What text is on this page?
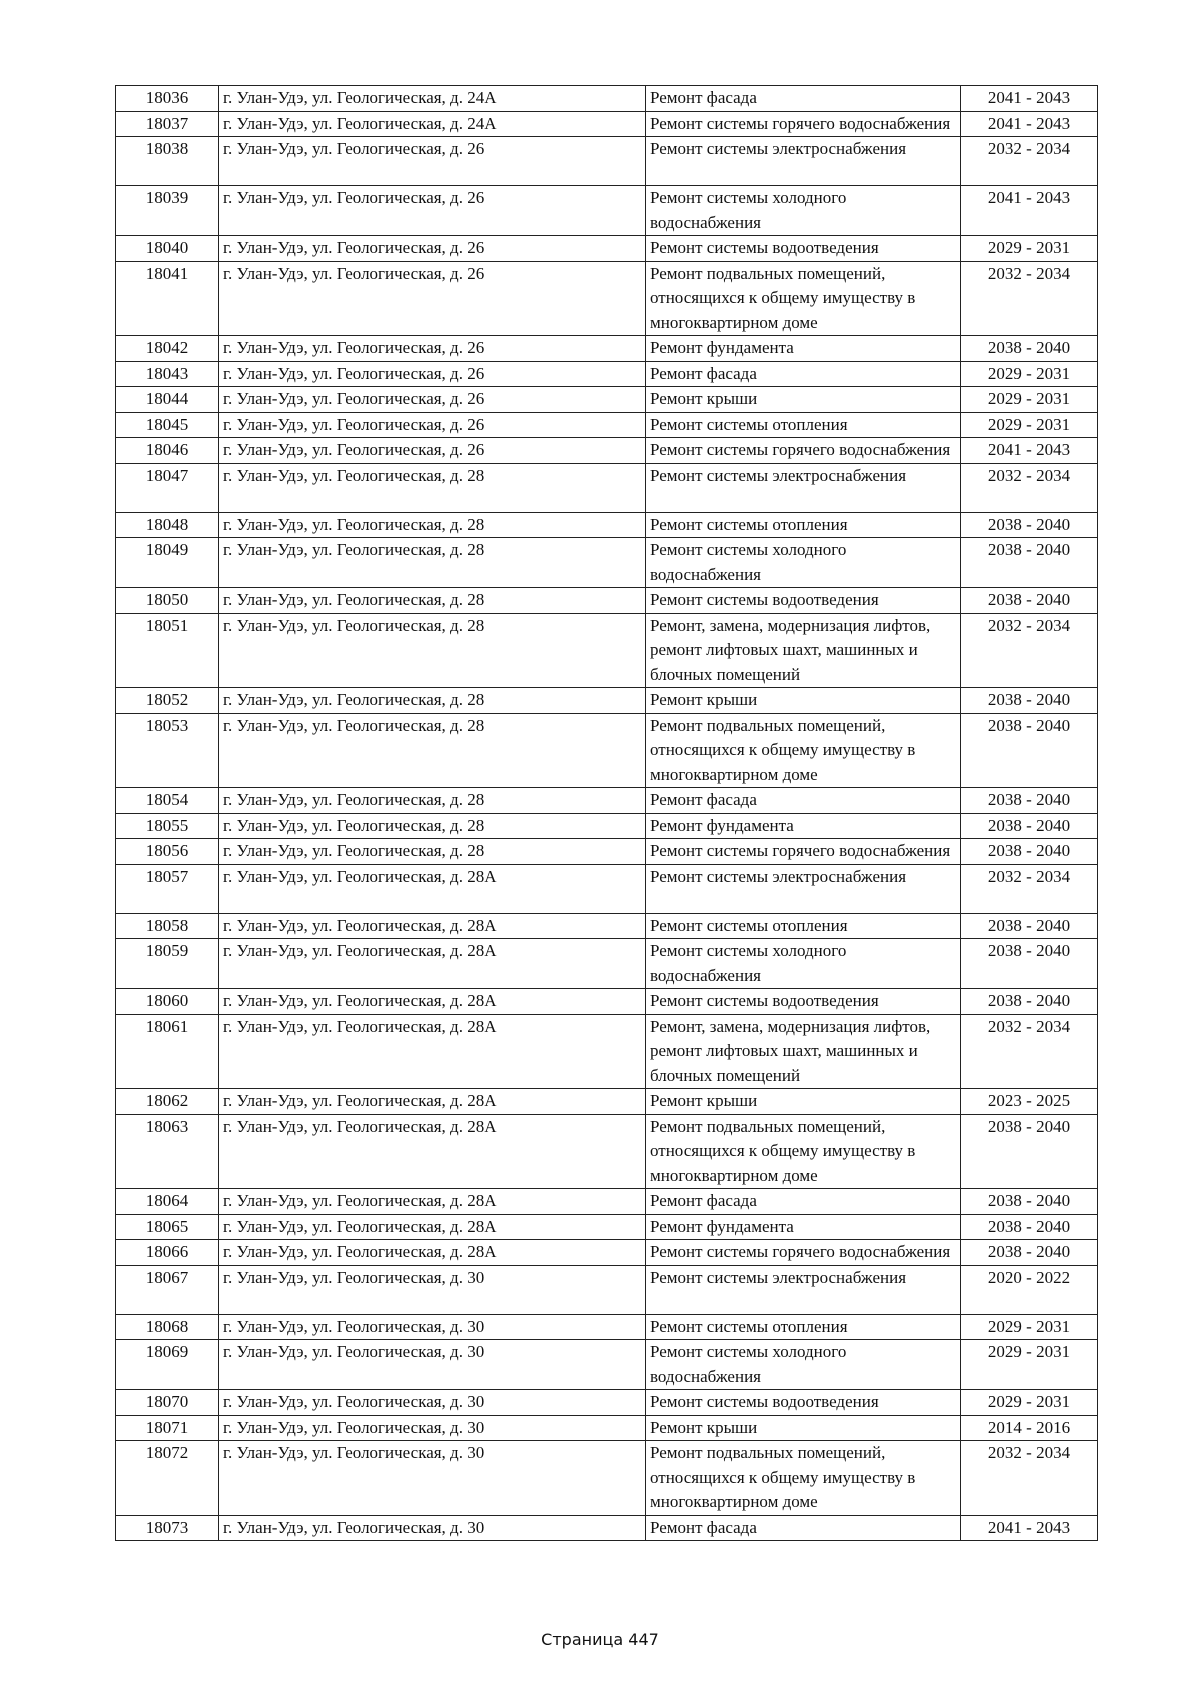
18036	г. Улан-Удэ, ул. Геологическая, д. 24А	Ремонт фасада	2041 - 2043
18037	г. Улан-Удэ, ул. Геологическая, д. 24А	Ремонт системы горячего водоснабжения	2041 - 2043
18038	г. Улан-Удэ, ул. Геологическая, д. 26	Ремонт системы электроснабжения	2032 - 2034
18039	г. Улан-Удэ, ул. Геологическая, д. 26	Ремонт системы холодного водоснабжения	2041 - 2043
18040	г. Улан-Удэ, ул. Геологическая, д. 26	Ремонт системы водоотведения	2029 - 2031
18041	г. Улан-Удэ, ул. Геологическая, д. 26	Ремонт подвальных помещений, относящихся к общему имуществу в многоквартирном доме	2032 - 2034
18042	г. Улан-Удэ, ул. Геологическая, д. 26	Ремонт фундамента	2038 - 2040
18043	г. Улан-Удэ, ул. Геологическая, д. 26	Ремонт фасада	2029 - 2031
18044	г. Улан-Удэ, ул. Геологическая, д. 26	Ремонт крыши	2029 - 2031
18045	г. Улан-Удэ, ул. Геологическая, д. 26	Ремонт системы отопления	2029 - 2031
18046	г. Улан-Удэ, ул. Геологическая, д. 26	Ремонт системы горячего водоснабжения	2041 - 2043
18047	г. Улан-Удэ, ул. Геологическая, д. 28	Ремонт системы электроснабжения	2032 - 2034
18048	г. Улан-Удэ, ул. Геологическая, д. 28	Ремонт системы отопления	2038 - 2040
18049	г. Улан-Удэ, ул. Геологическая, д. 28	Ремонт системы холодного водоснабжения	2038 - 2040
18050	г. Улан-Удэ, ул. Геологическая, д. 28	Ремонт системы водоотведения	2038 - 2040
18051	г. Улан-Удэ, ул. Геологическая, д. 28	Ремонт, замена, модернизация лифтов, ремонт лифтовых шахт, машинных и блочных помещений	2032 - 2034
18052	г. Улан-Удэ, ул. Геологическая, д. 28	Ремонт крыши	2038 - 2040
18053	г. Улан-Удэ, ул. Геологическая, д. 28	Ремонт подвальных помещений, относящихся к общему имуществу в многоквартирном доме	2038 - 2040
18054	г. Улан-Удэ, ул. Геологическая, д. 28	Ремонт фасада	2038 - 2040
18055	г. Улан-Удэ, ул. Геологическая, д. 28	Ремонт фундамента	2038 - 2040
18056	г. Улан-Удэ, ул. Геологическая, д. 28	Ремонт системы горячего водоснабжения	2038 - 2040
18057	г. Улан-Удэ, ул. Геологическая, д. 28А	Ремонт системы электроснабжения	2032 - 2034
18058	г. Улан-Удэ, ул. Геологическая, д. 28А	Ремонт системы отопления	2038 - 2040
18059	г. Улан-Удэ, ул. Геологическая, д. 28А	Ремонт системы холодного водоснабжения	2038 - 2040
18060	г. Улан-Удэ, ул. Геологическая, д. 28А	Ремонт системы водоотведения	2038 - 2040
18061	г. Улан-Удэ, ул. Геологическая, д. 28А	Ремонт, замена, модернизация лифтов, ремонт лифтовых шахт, машинных и блочных помещений	2032 - 2034
18062	г. Улан-Удэ, ул. Геологическая, д. 28А	Ремонт крыши	2023 - 2025
18063	г. Улан-Удэ, ул. Геологическая, д. 28А	Ремонт подвальных помещений, относящихся к общему имуществу в многоквартирном доме	2038 - 2040
18064	г. Улан-Удэ, ул. Геологическая, д. 28А	Ремонт фасада	2038 - 2040
18065	г. Улан-Удэ, ул. Геологическая, д. 28А	Ремонт фундамента	2038 - 2040
18066	г. Улан-Удэ, ул. Геологическая, д. 28А	Ремонт системы горячего водоснабжения	2038 - 2040
18067	г. Улан-Удэ, ул. Геологическая, д. 30	Ремонт системы электроснабжения	2020 - 2022
18068	г. Улан-Удэ, ул. Геологическая, д. 30	Ремонт системы отопления	2029 - 2031
18069	г. Улан-Удэ, ул. Геологическая, д. 30	Ремонт системы холодного водоснабжения	2029 - 2031
18070	г. Улан-Удэ, ул. Геологическая, д. 30	Ремонт системы водоотведения	2029 - 2031
18071	г. Улан-Удэ, ул. Геологическая, д. 30	Ремонт крыши	2014 - 2016
18072	г. Улан-Удэ, ул. Геологическая, д. 30	Ремонт подвальных помещений, относящихся к общему имуществу в многоквартирном доме	2032 - 2034
18073	г. Улан-Удэ, ул. Геологическая, д. 30	Ремонт фасада	2041 - 2043
Страница 447
